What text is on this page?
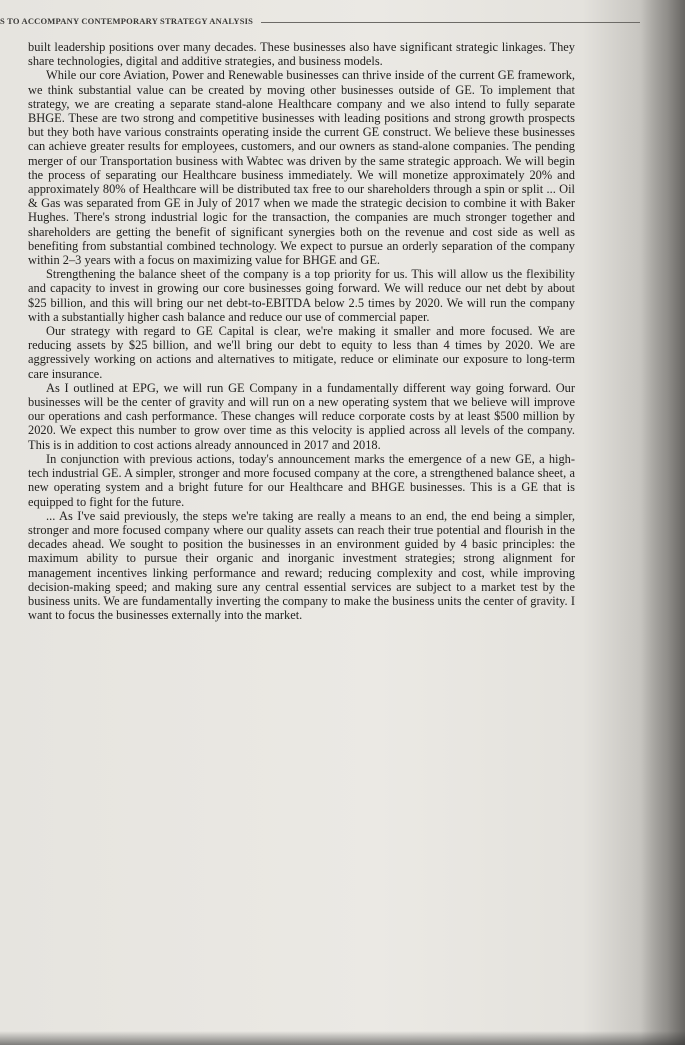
S TO ACCOMPANY CONTEMPORARY STRATEGY ANALYSIS

built leadership positions over many decades. These businesses also have significant strategic linkages. They share technologies, digital and additive strategies, and business models.

While our core Aviation, Power and Renewable businesses can thrive inside of the current GE framework, we think substantial value can be created by moving other businesses outside of GE. To implement that strategy, we are creating a separate stand-alone Healthcare company and we also intend to fully separate BHGE. These are two strong and competitive businesses with leading positions and strong growth prospects but they both have various constraints operating inside the current GE construct. We believe these businesses can achieve greater results for employees, customers, and our owners as stand-alone companies. The pending merger of our Transportation business with Wabtec was driven by the same strategic approach. We will begin the process of separating our Healthcare business immediately. We will monetize approximately 20% and approximately 80% of Healthcare will be distributed tax free to our shareholders through a spin or split ... Oil & Gas was separated from GE in July of 2017 when we made the strategic decision to combine it with Baker Hughes. There's strong industrial logic for the transaction, the companies are much stronger together and shareholders are getting the benefit of significant synergies both on the revenue and cost side as well as benefiting from substantial combined technology. We expect to pursue an orderly separation of the company within 2–3 years with a focus on maximizing value for BHGE and GE.

Strengthening the balance sheet of the company is a top priority for us. This will allow us the flexibility and capacity to invest in growing our core businesses going forward. We will reduce our net debt by about $25 billion, and this will bring our net debt-to-EBITDA below 2.5 times by 2020. We will run the company with a substantially higher cash balance and reduce our use of commercial paper.

Our strategy with regard to GE Capital is clear, we're making it smaller and more focused. We are reducing assets by $25 billion, and we'll bring our debt to equity to less than 4 times by 2020. We are aggressively working on actions and alternatives to mitigate, reduce or eliminate our exposure to long-term care insurance.

As I outlined at EPG, we will run GE Company in a fundamentally different way going forward. Our businesses will be the center of gravity and will run on a new operating system that we believe will improve our operations and cash performance. These changes will reduce corporate costs by at least $500 million by 2020. We expect this number to grow over time as this velocity is applied across all levels of the company. This is in addition to cost actions already announced in 2017 and 2018.

In conjunction with previous actions, today's announcement marks the emergence of a new GE, a high-tech industrial GE. A simpler, stronger and more focused company at the core, a strengthened balance sheet, a new operating system and a bright future for our Healthcare and BHGE businesses. This is a GE that is equipped to fight for the future.

... As I've said previously, the steps we're taking are really a means to an end, the end being a simpler, stronger and more focused company where our quality assets can reach their true potential and flourish in the decades ahead. We sought to position the businesses in an environment guided by 4 basic principles: the maximum ability to pursue their organic and inorganic investment strategies; strong alignment for management incentives linking performance and reward; reducing complexity and cost, while improving decision-making speed; and making sure any central essential services are subject to a market test by the business units. We are fundamentally inverting the company to make the business units the center of gravity. I want to focus the businesses externally into the market.
